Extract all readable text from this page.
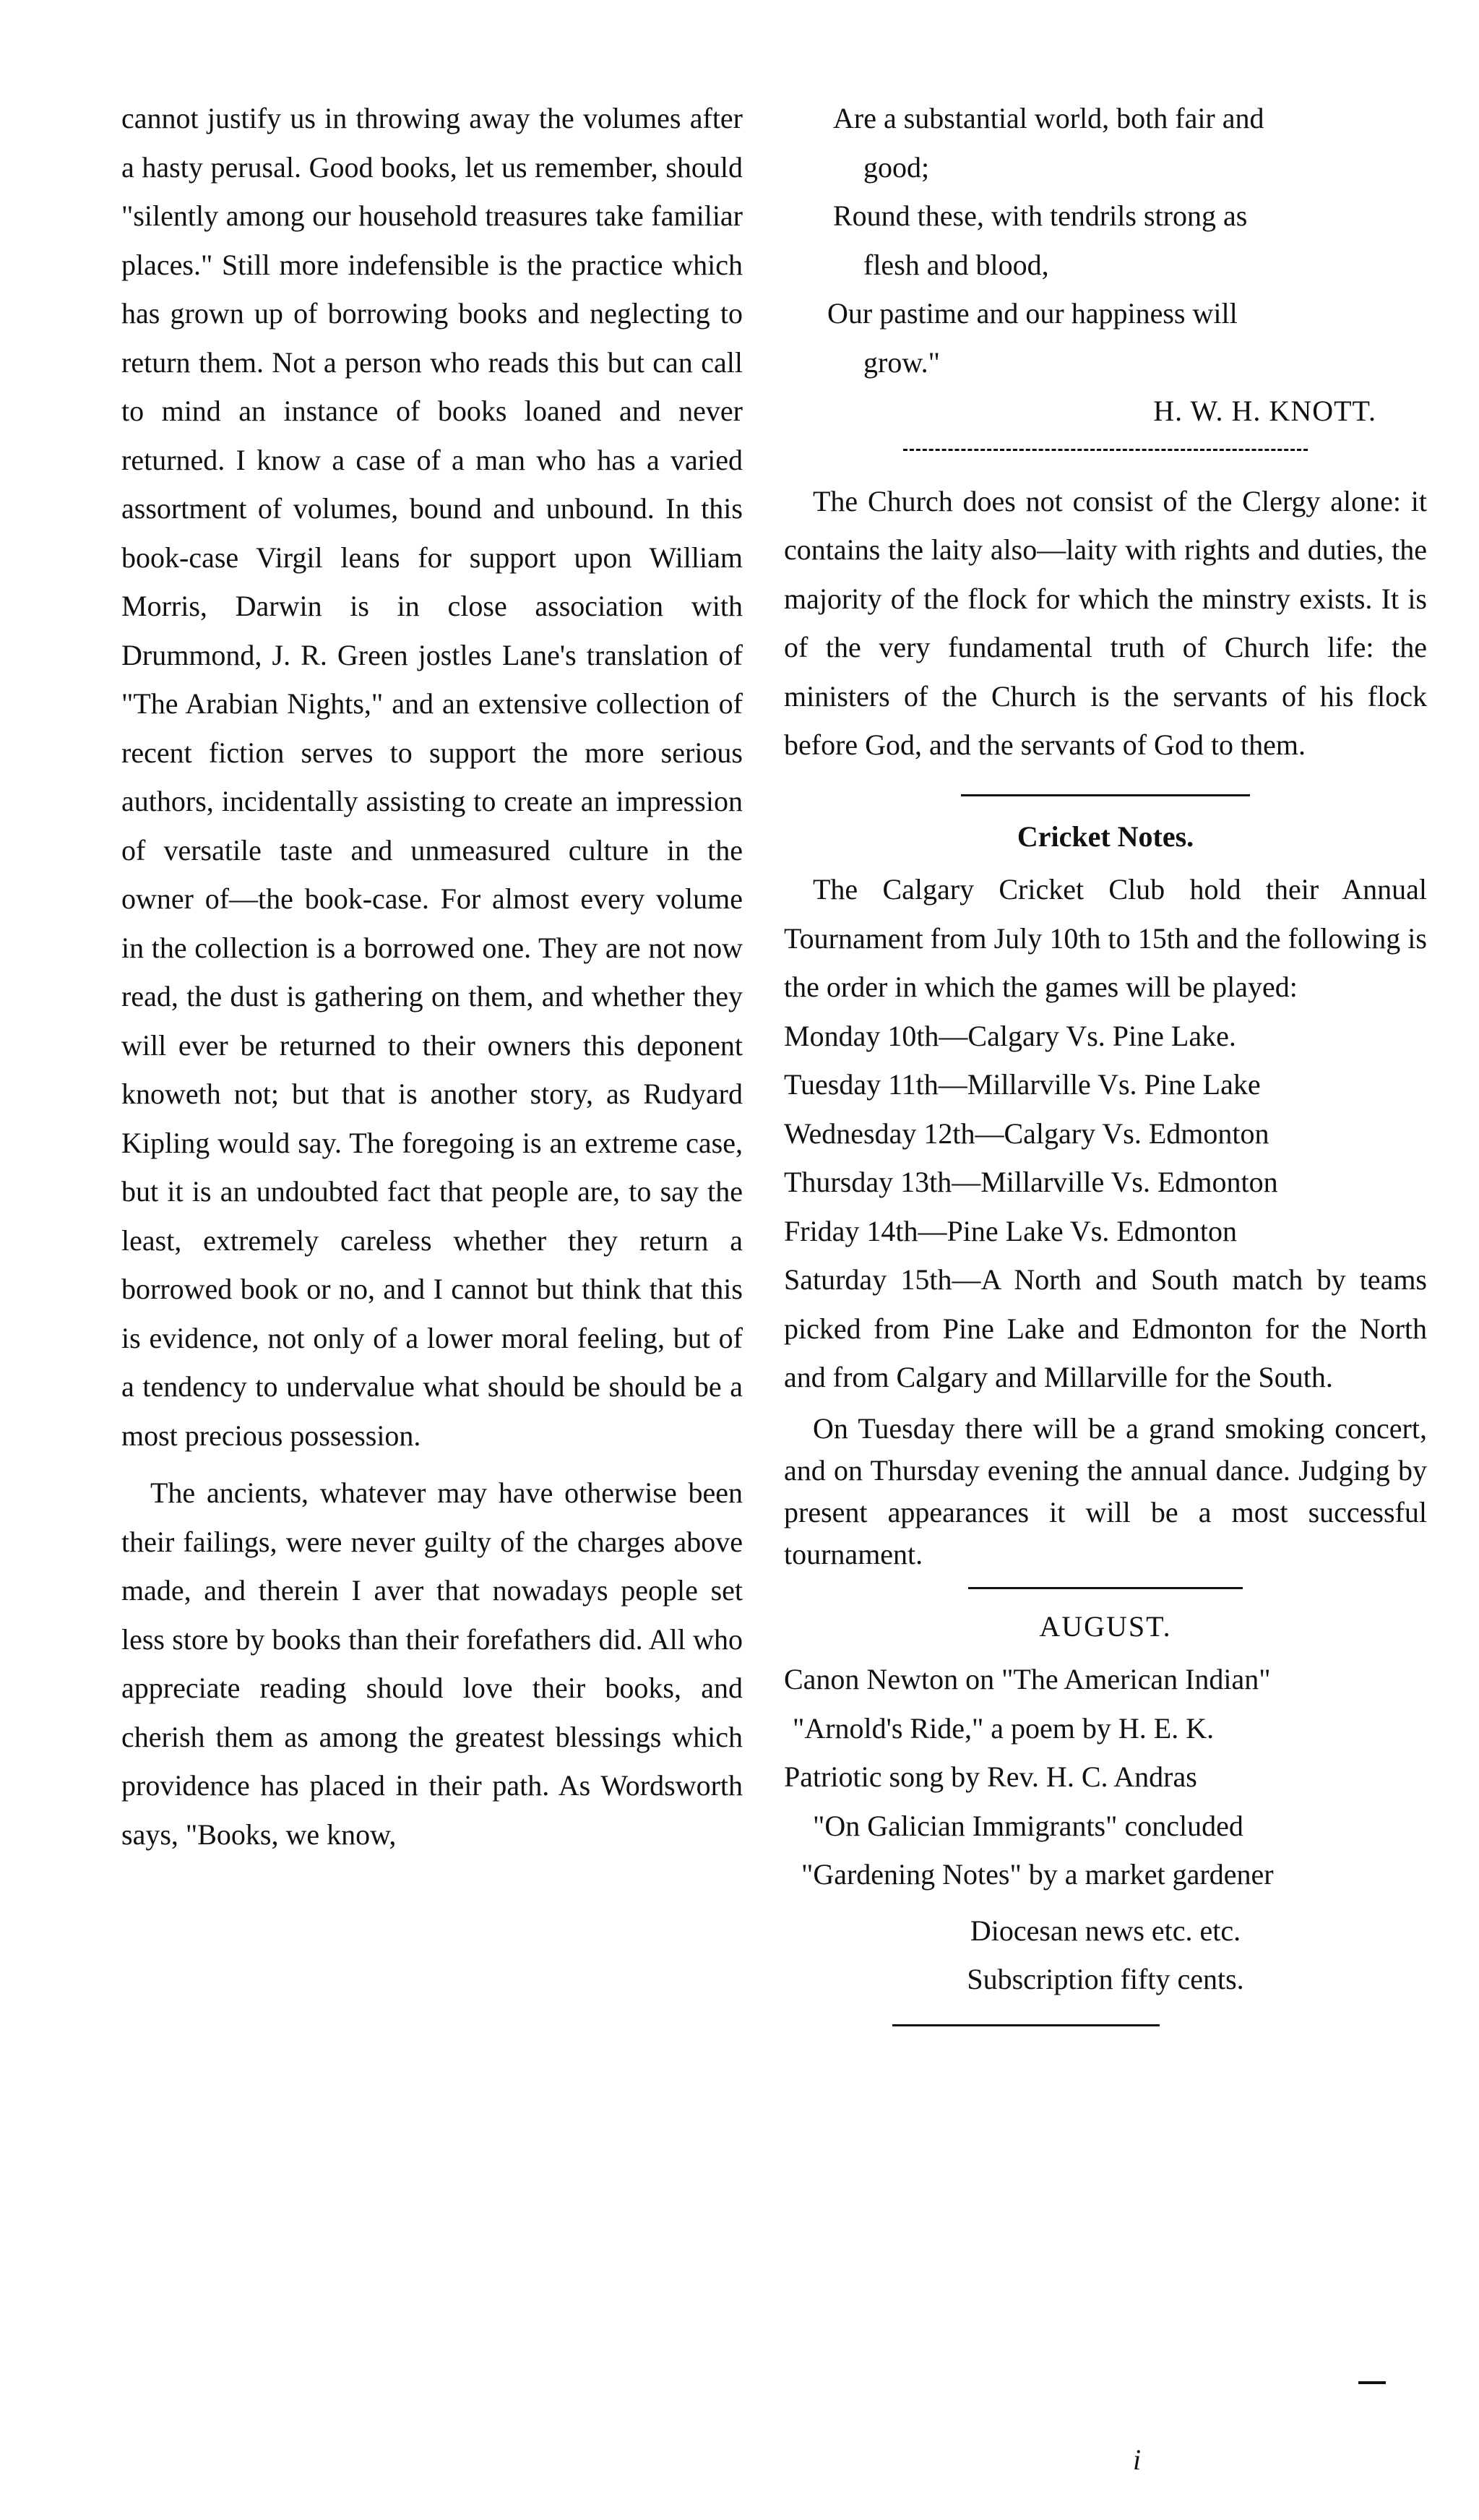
cannot justify us in throwing away the volumes after a hasty perusal. Good books, let us remember, should "silently among our household treasures take familiar places." Still more indefensible is the practice which has grown up of borrowing books and neglecting to return them. Not a person who reads this but can call to mind an instance of books loaned and never returned. I know a case of a man who has a varied assortment of volumes, bound and unbound. In this book-case Virgil leans for support upon William Morris, Darwin is in close association with Drummond, J. R. Green jostles Lane's translation of "The Arabian Nights," and an extensive collection of recent fiction serves to support the more serious authors, incidentally assisting to create an impression of versatile taste and unmeasured culture in the owner of—the book-case. For almost every volume in the collection is a borrowed one. They are not now read, the dust is gathering on them, and whether they will ever be returned to their owners this deponent knoweth not; but that is another story, as Rudyard Kipling would say. The foregoing is an extreme case, but it is an undoubted fact that people are, to say the least, extremely careless whether they return a borrowed book or no, and I cannot but think that this is evidence, not only of a lower moral feeling, but of a tendency to undervalue what should be should be a most precious possession.

The ancients, whatever may have otherwise been their failings, were never guilty of the charges above made, and therein I aver that nowadays people set less store by books than their forefathers did. All who appreciate reading should love their books, and cherish them as among the greatest blessings which providence has placed in their path. As Wordsworth says, "Books, we know,

Are a substantial world, both fair and

good;

Round these, with tendrils strong as

flesh and blood,

Our pastime and our happiness will

grow."

H. W. H. KNOTT.

The Church does not consist of the Clergy alone: it contains the laity also—laity with rights and duties, the majority of the flock for which the minstry exists. It is of the very fundamental truth of Church life: the ministers of the Church is the servants of his flock before God, and the servants of God to them.

Cricket Notes.

The Calgary Cricket Club hold their Annual Tournament from July 10th to 15th and the following is the order in which the games will be played:

Monday 10th—Calgary Vs. Pine Lake.

Tuesday 11th—Millarville Vs. Pine Lake

Wednesday 12th—Calgary Vs. Edmonton

Thursday 13th—Millarville Vs. Edmonton

Friday 14th—Pine Lake Vs. Edmonton

Saturday 15th—A North and South match by teams picked from Pine Lake and Edmonton for the North and from Calgary and Millarville for the South.

On Tuesday there will be a grand smoking concert, and on Thursday evening the annual dance. Judging by present appearances it will be a most successful tournament.

AUGUST.

Canon Newton on "The American Indian"

"Arnold's Ride," a poem by H. E. K.

Patriotic song by Rev. H. C. Andras

"On Galician Immigrants" concluded

"Gardening Notes" by a market gardener

Diocesan news etc. etc.

Subscription fifty cents.

i
